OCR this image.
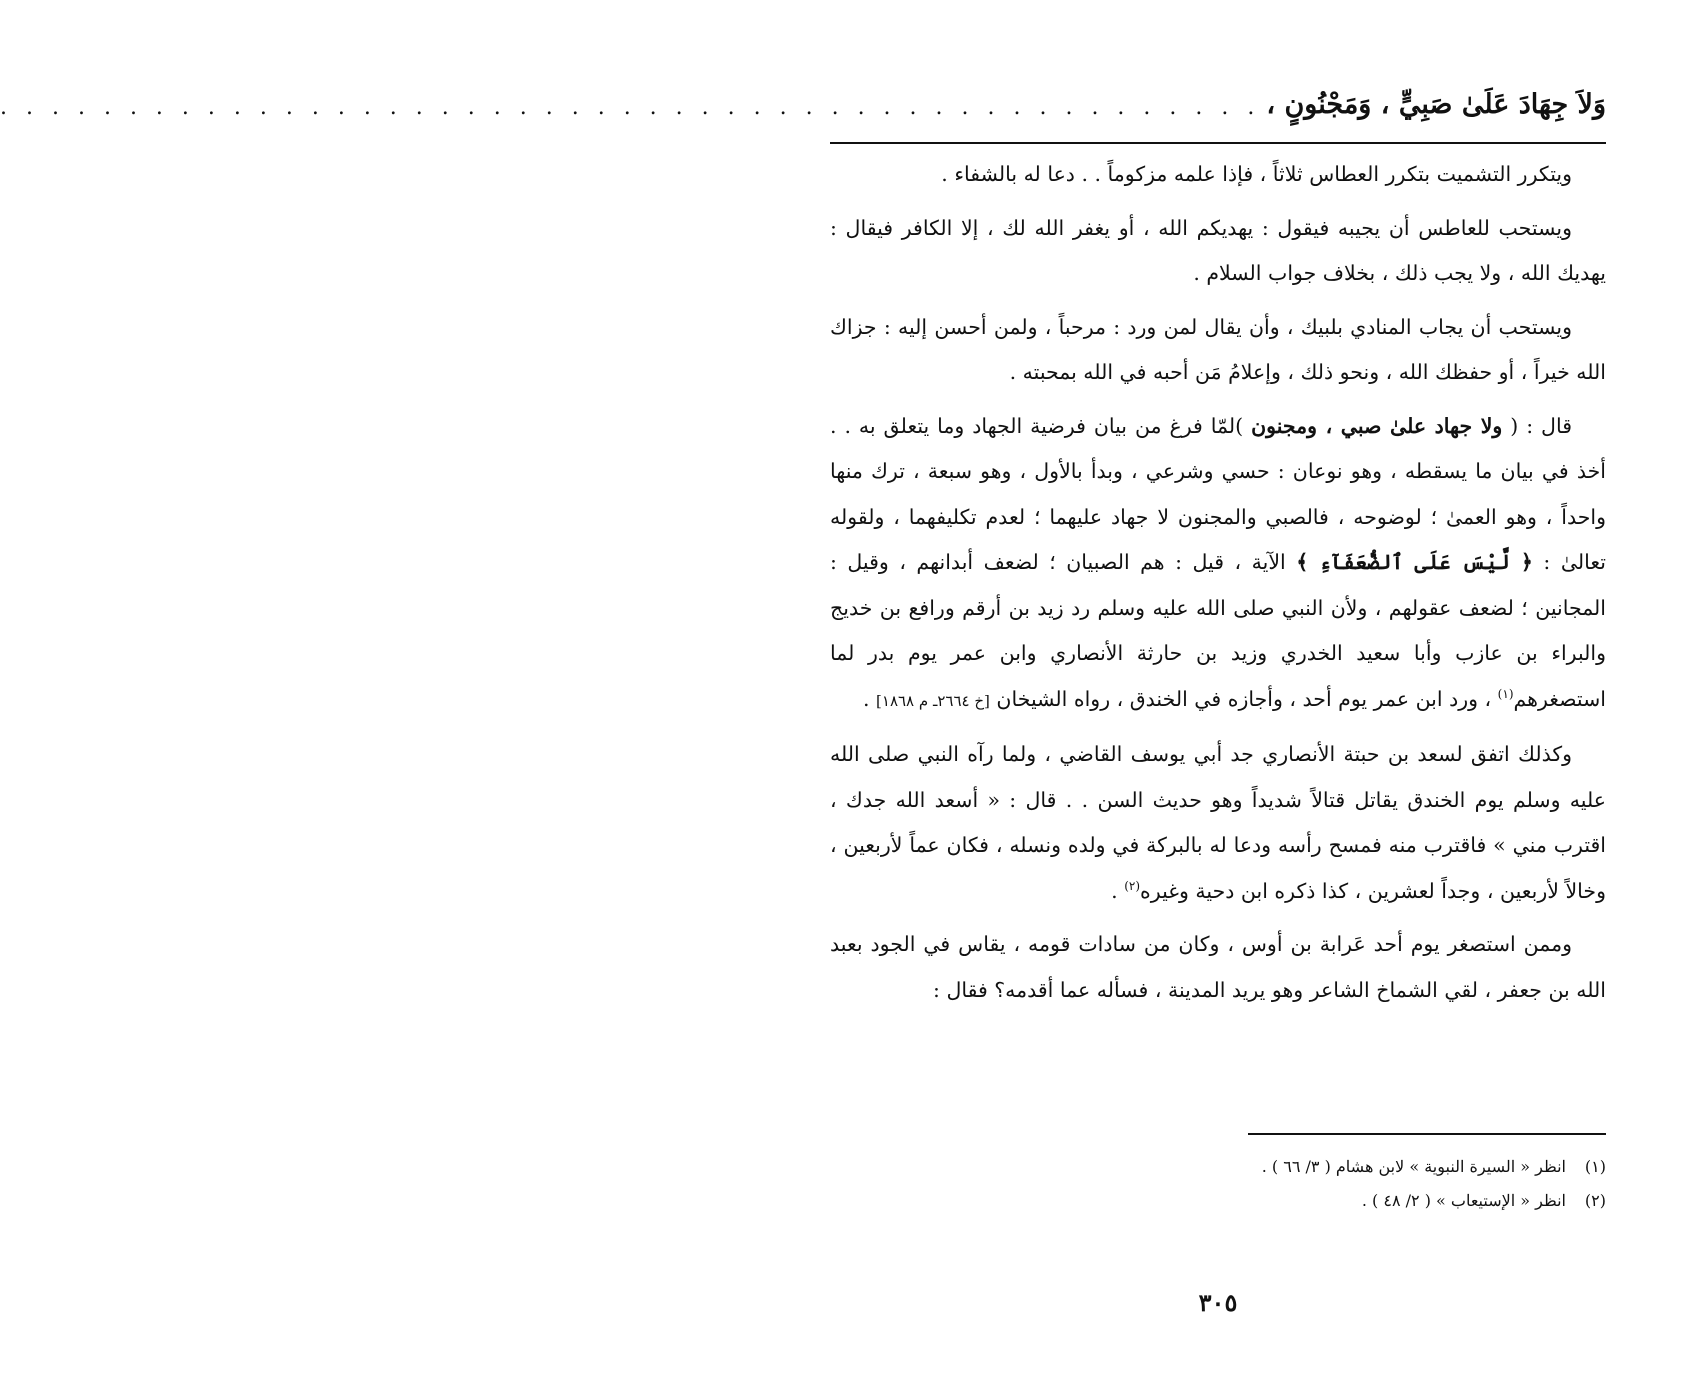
وَلاَ جِهَادَ عَلَىٰ صَبِيٍّ ، وَمَجْنُونٍ ،
. . . . . . . . . . . . . . . . . . . . . . . . . . . . . . . . . . . . . . . . . . . . . . . . .

ويتكرر التشميت بتكرر العطاس ثلاثاً ، فإذا علمه مزكوماً . . دعا له بالشفاء .

ويستحب للعاطس أن يجيبه فيقول : يهديكم الله ، أو يغفر الله لك ، إلا الكافر فيقال : يهديك الله ، ولا يجب ذلك ، بخلاف جواب السلام .

ويستحب أن يجاب المنادي بلبيك ، وأن يقال لمن ورد : مرحباً ، ولمن أحسن إليه : جزاك الله خيراً ، أو حفظك الله ، ونحو ذلك ، وإعلامُ مَن أحبه في الله بمحبته .

قال : ( ولا جهاد علىٰ صبي ، ومجنون )لمّا فرغ من بيان فرضية الجهاد وما يتعلق به . . أخذ في بيان ما يسقطه ، وهو نوعان : حسي وشرعي ، وبدأ بالأول ، وهو سبعة ، ترك منها واحداً ، وهو العمىٰ ؛ لوضوحه ، فالصبي والمجنون لا جهاد عليهما ؛ لعدم تكليفهما ، ولقوله تعالىٰ : ﴿ لَّيْسَ عَلَى ٱلضُّعَفَآءِ ﴾ الآية ، قيل : هم الصبيان ؛ لضعف أبدانهم ، وقيل : المجانين ؛ لضعف عقولهم ، ولأن النبي صلى الله عليه وسلم رد زيد بن أرقم ورافع بن خديج والبراء بن عازب وأبا سعيد الخدري وزيد بن حارثة الأنصاري وابن عمر يوم بدر لما استصغرهم$^{(١)}$ ، ورد ابن عمر يوم أحد ، وأجازه في الخندق ، رواه الشيخان [خ ٢٦٦٤ـ م ١٨٦٨] .

وكذلك اتفق لسعد بن حبتة الأنصاري جد أبي يوسف القاضي ، ولما رآه النبي صلى الله عليه وسلم يوم الخندق يقاتل قتالاً شديداً وهو حديث السن . . قال : « أسعد الله جدك ، اقترب مني » فاقترب منه فمسح رأسه ودعا له بالبركة في ولده ونسله ، فكان عماً لأربعين ، وخالاً لأربعين ، وجداً لعشرين ، كذا ذكره ابن دحية وغيره$^{(٢)}$ .

وممن استصغر يوم أحد عَرابة بن أوس ، وكان من سادات قومه ، يقاس في الجود بعبد الله بن جعفر ، لقي الشماخ الشاعر وهو يريد المدينة ، فسأله عما أقدمه؟ فقال :

(١)
انظر « السيرة النبوية » لابن هشام ( ٣/ ٦٦ ) .
(٢)
انظر « الإستيعاب » ( ٢/ ٤٨ ) .
٣٠٥
